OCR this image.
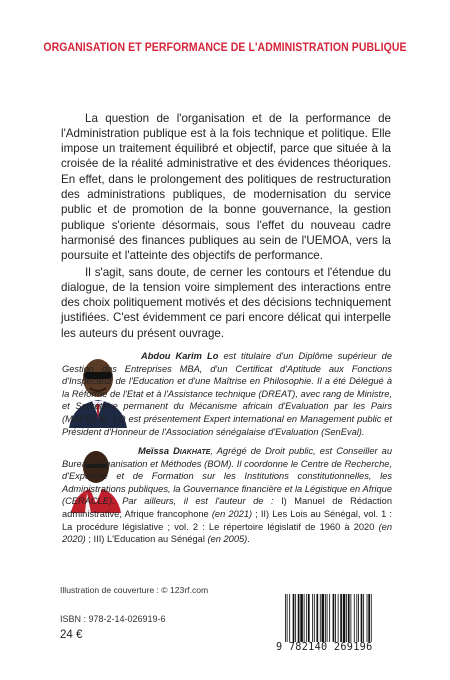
ORGANISATION ET PERFORMANCE DE L'ADMINISTRATION PUBLIQUE

La question de l'organisation et de la performance de l'Administration publique est à la fois technique et politique. Elle impose un traitement équilibré et objectif, parce que située à la croisée de la réalité administrative et des évidences théoriques. En effet, dans le prolongement des politiques de restructuration des administrations publiques, de modernisation du service public et de promotion de la bonne gouvernance, la gestion publique s'oriente désormais, sous l'effet du nouveau cadre harmonisé des finances publiques au sein de l'UEMOA, vers la poursuite et l'atteinte des objectifs de performance.

Il s'agit, sans doute, de cerner les contours et l'étendue du dialogue, de la tension voire simplement des interactions entre des choix politiquement motivés et des décisions techniquement justifiées. C'est évidemment ce pari encore délicat qui interpelle les auteurs du présent ouvrage.

Abdou Karim Lo est titulaire d'un Diplôme supérieur de Gestion des Entreprises MBA, d'un Certificat d'Aptitude aux Fonctions d'Inspecteur de l'Education et d'une Maîtrise en Philosophie. Il a été Délégué à la Réforme de l'Etat et à l'Assistance technique (DREAT), avec rang de Ministre, et Secrétaire permanent du Mécanisme africain d'Evaluation par les Pairs (MAEP). M. LO est présentement Expert international en Management public et Président d'Honneur de l'Association sénégalaise d'Evaluation (SenEval).
Meïssa Diakhate, Agrégé de Droit public, est Conseiller au Bureau Organisation et Méthodes (BOM). Il coordonne le Centre de Recherche, d'Expertise et de Formation sur les Institutions constitutionnelles, les Administrations publiques, la Gouvernance financière et la Légistique en Afrique (CERACLE). Par ailleurs, il est l'auteur de : I) Manuel de Rédaction administrative, Afrique francophone (en 2021) ; II) Les Lois au Sénégal, vol. 1 : La procédure législative ; vol. 2 : Le répertoire législatif de 1960 à 2020 (en 2020) ; III) L'Education au Sénégal (en 2005).
Illustration de couverture : © 123rf.com
ISBN : 978-2-14-026919-6
24 €
9 782140 269196
